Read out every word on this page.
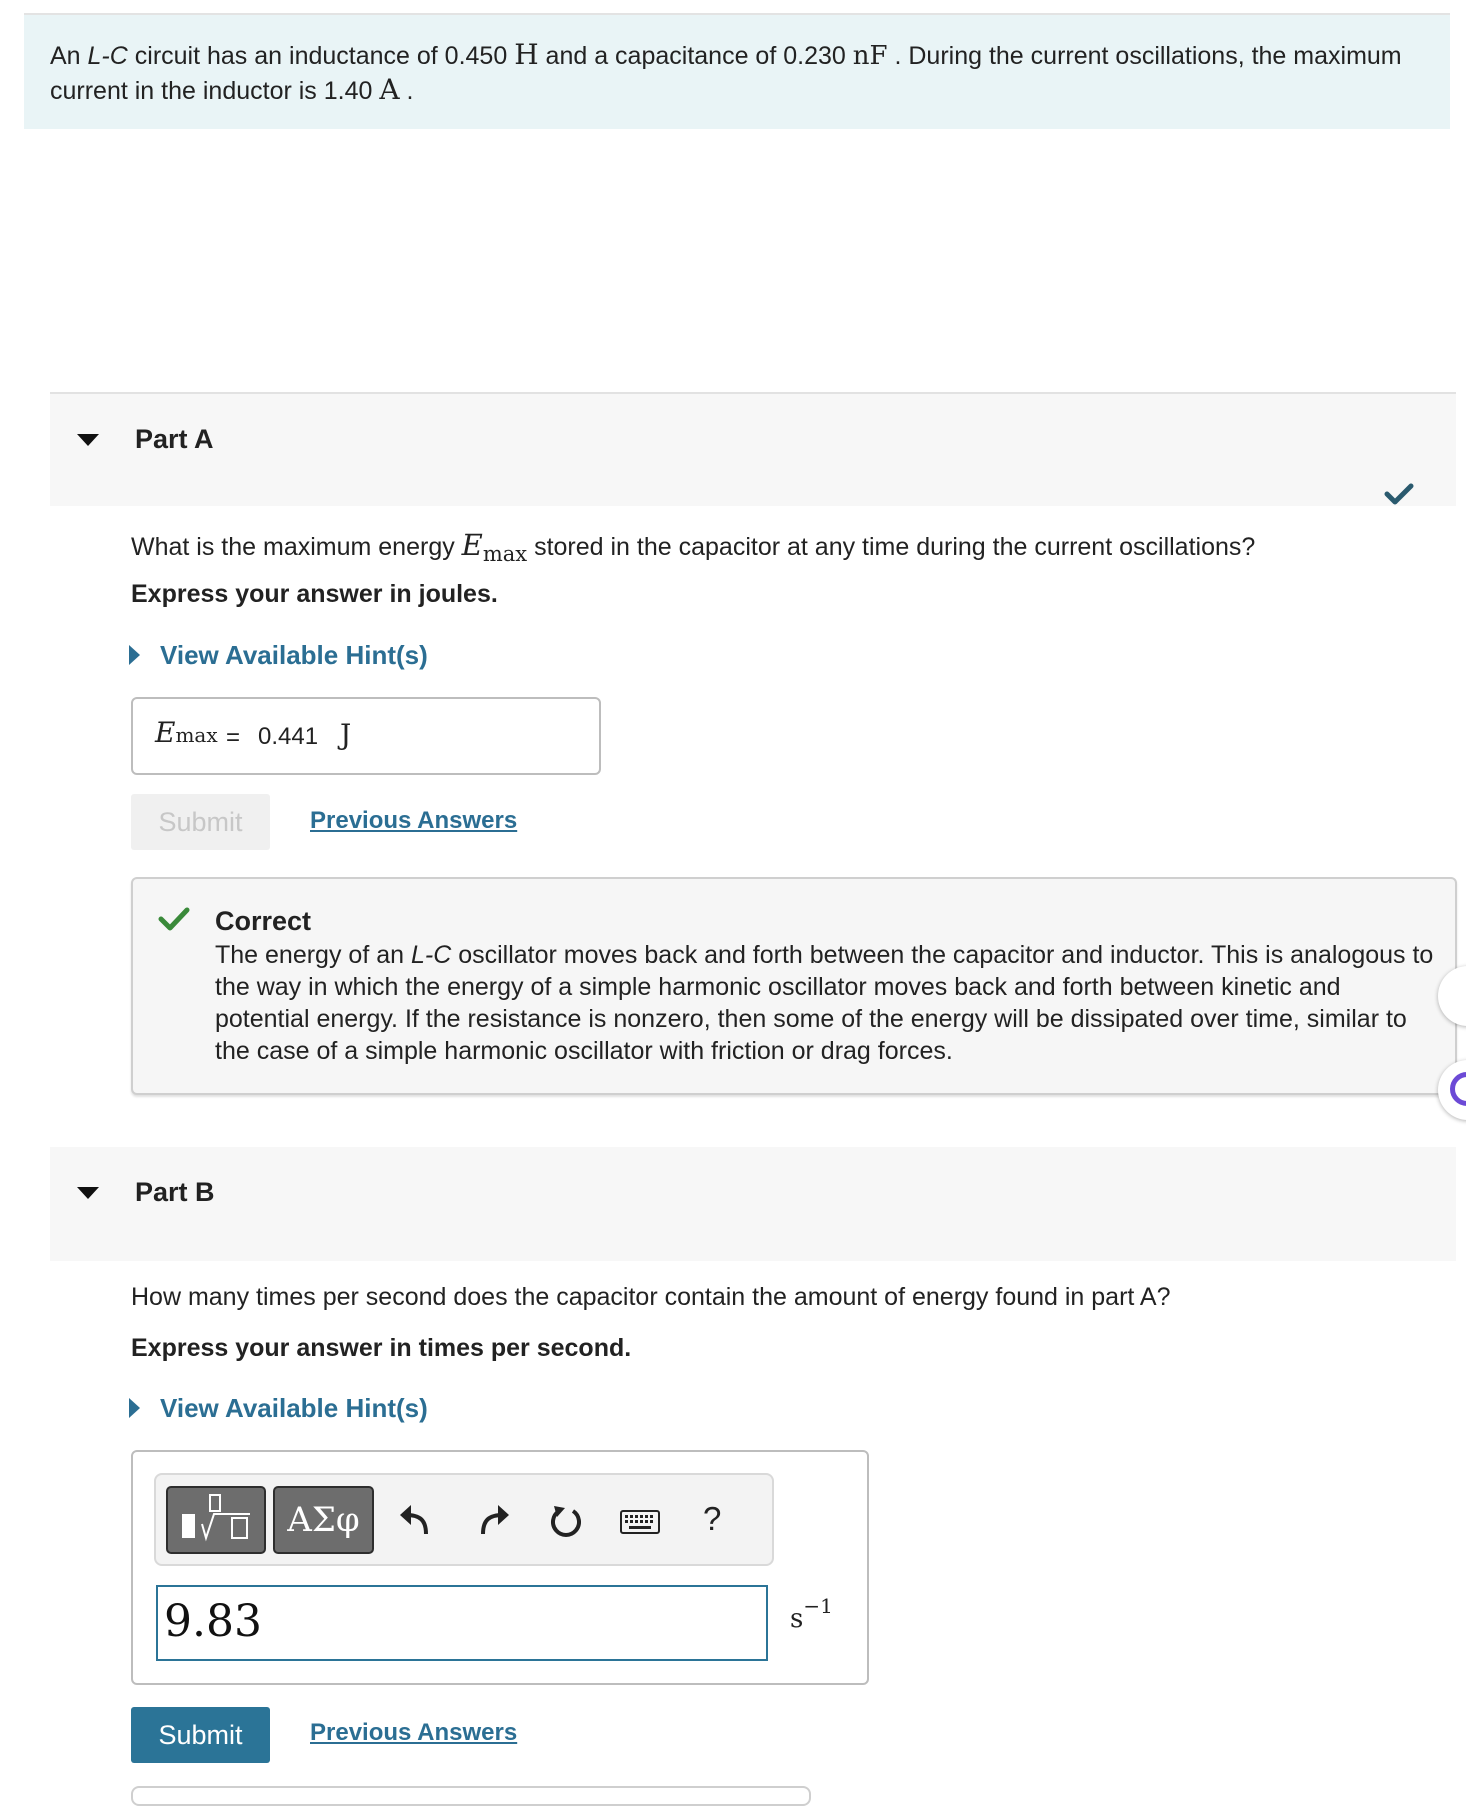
An L-C circuit has an inductance of 0.450 H and a capacitance of 0.230 nF . During the current oscillations, the maximum current in the inductor is 1.40 A .
Part A
What is the maximum energy $E_{max}$ stored in the capacitor at any time during the current oscillations?
Express your answer in joules.
View Available Hint(s)
Emax = 0.441 J
Submit	Previous Answers
Correct
The energy of an L-C oscillator moves back and forth between the capacitor and inductor. This is analogous to the way in which the energy of a simple harmonic oscillator moves back and forth between kinetic and potential energy. If the resistance is nonzero, then some of the energy will be dissipated over time, similar to the case of a simple harmonic oscillator with friction or drag forces.
Part B
How many times per second does the capacitor contain the amount of energy found in part A?
Express your answer in times per second.
View Available Hint(s)
ΑΣφ	?
9.83	$s^{-1}$
Submit	Previous Answers
